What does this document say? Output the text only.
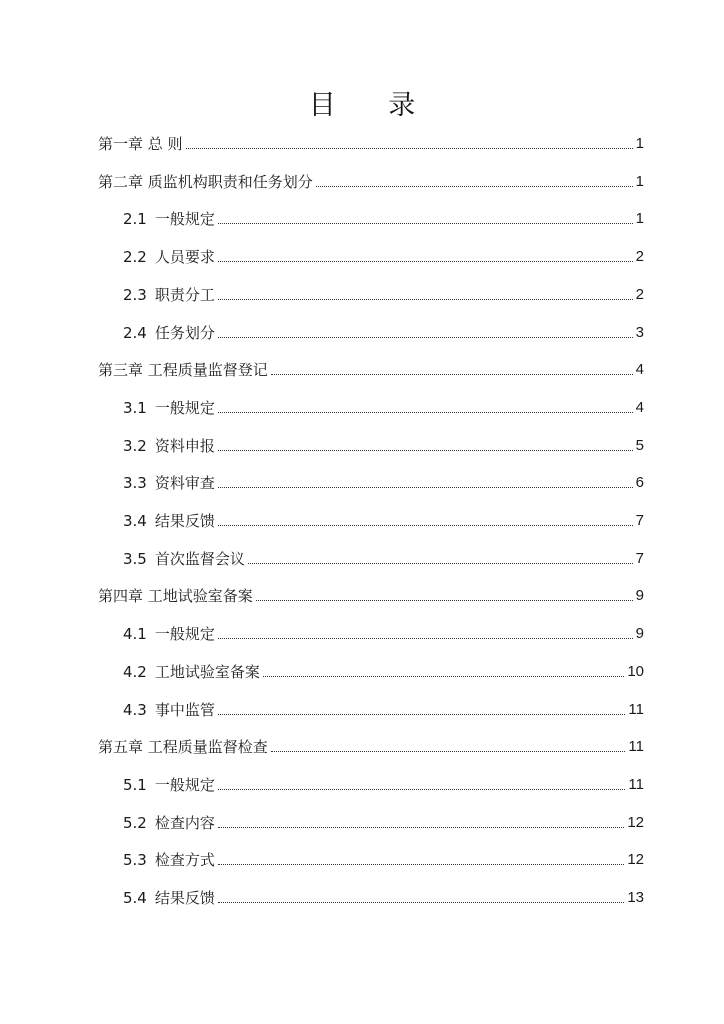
目 录
第一章 总 则	1
第二章 质监机构职责和任务划分	1
2.1 一般规定	1
2.2 人员要求	2
2.3 职责分工	2
2.4 任务划分	3
第三章 工程质量监督登记	4
3.1 一般规定	4
3.2 资料申报	5
3.3 资料审查	6
3.4 结果反馈	7
3.5 首次监督会议	7
第四章 工地试验室备案	9
4.1 一般规定	9
4.2 工地试验室备案	10
4.3 事中监管	11
第五章 工程质量监督检查	11
5.1 一般规定	11
5.2 检查内容	12
5.3 检查方式	12
5.4 结果反馈	13
